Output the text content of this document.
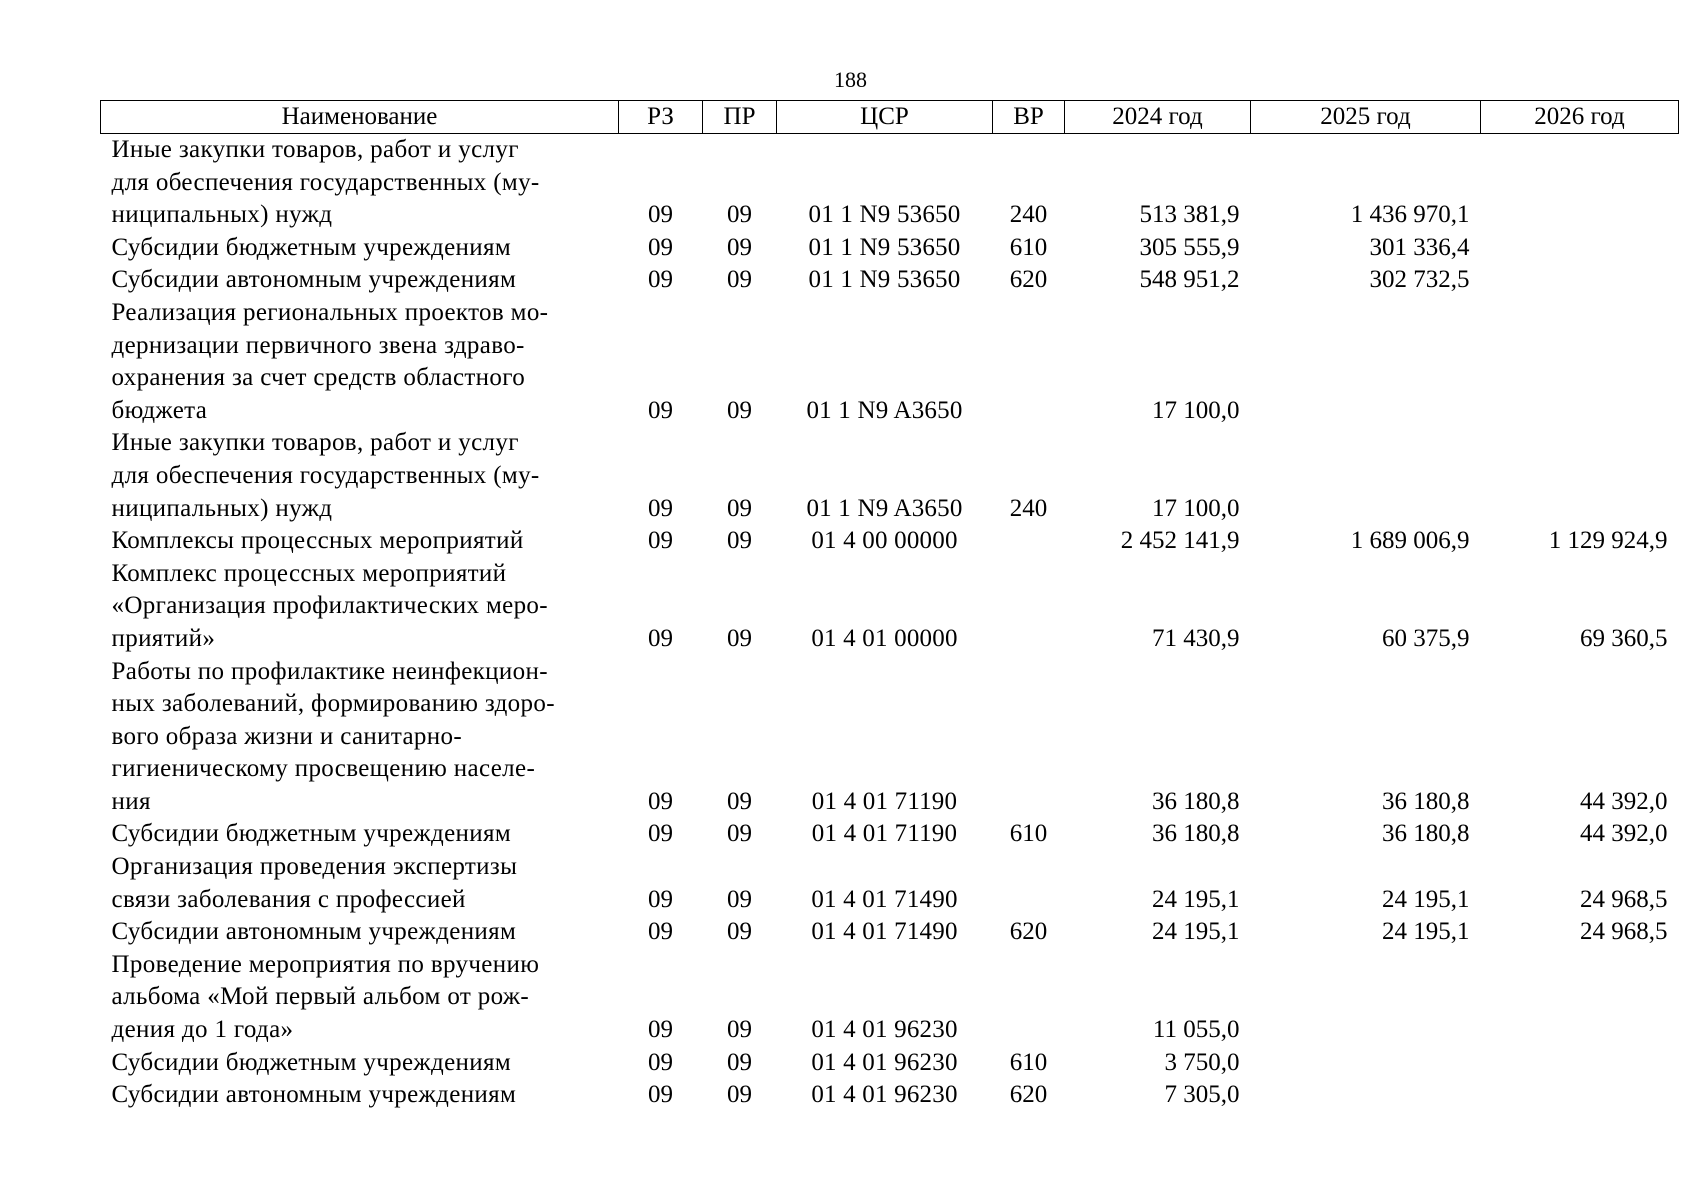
188
Наименование	РЗ	ПР	ЦСР	ВР	2024 год	2025 год	2026 год

Иные закупки товаров, работ и услуг
для обеспечения государственных (му-
ниципальных) нужд	09	09	01 1 N9 53650	240	513 381,9	1 436 970,1	

Субсидии бюджетным учреждениям	09	09	01 1 N9 53650	610	305 555,9	301 336,4	

Субсидии автономным учреждениям	09	09	01 1 N9 53650	620	548 951,2	302 732,5	

Реализация региональных проектов мо-
дернизации первичного звена здраво-
охранения за счет средств областного
бюджета	09	09	01 1 N9 A3650		17 100,0		

Иные закупки товаров, работ и услуг
для обеспечения государственных (му-
ниципальных) нужд	09	09	01 1 N9 A3650	240	17 100,0		

Комплексы процессных мероприятий	09	09	01 4 00 00000		2 452 141,9	1 689 006,9	1 129 924,9

Комплекс процессных мероприятий
«Организация профилактических меро-
приятий»	09	09	01 4 01 00000		71 430,9	60 375,9	69 360,5

Работы по профилактике неинфекцион-
ных заболеваний, формированию здоро-
вого образа жизни и санитарно-
гигиеническому просвещению населе-
ния	09	09	01 4 01 71190		36 180,8	36 180,8	44 392,0

Субсидии бюджетным учреждениям	09	09	01 4 01 71190	610	36 180,8	36 180,8	44 392,0

Организация проведения экспертизы
связи заболевания с профессией	09	09	01 4 01 71490		24 195,1	24 195,1	24 968,5

Субсидии автономным учреждениям	09	09	01 4 01 71490	620	24 195,1	24 195,1	24 968,5

Проведение мероприятия по вручению
альбома «Мой первый альбом от рож-
дения до 1 года»	09	09	01 4 01 96230		11 055,0		

Субсидии бюджетным учреждениям	09	09	01 4 01 96230	610	3 750,0		

Субсидии автономным учреждениям	09	09	01 4 01 96230	620	7 305,0		
